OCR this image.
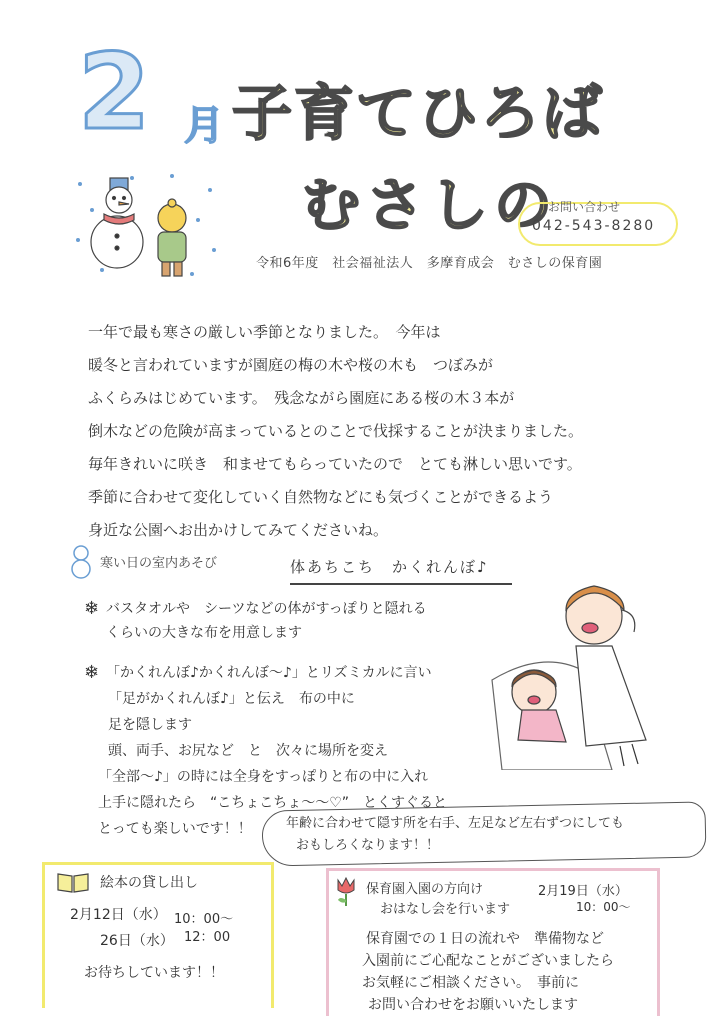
2 月 子育てひろば
むさしの
お問い合わせ
042-543-8280
令和6年度　社会福祉法人　多摩育成会　むさしの保育園

一年で最も寒さの厳しい季節となりました。　今年は

暖冬と言われていますが園庭の梅の木や桜の木も　つぼみが

ふくらみはじめています。　残念ながら園庭にある桜の木３本が

倒木などの危険が高まっているとのことで伐採することが決まりました。

毎年きれいに咲き　和ませてもらっていたので　とても淋しい思いです。

季節に合わせて変化していく自然物などにも気づくことができるよう

身近な公園へお出かけしてみてくださいね。

寒い日の室内あそび	体あちこち　かくれんぼ♪
❄ バスタオルや　シーツなどの体がすっぽりと隠れる
くらいの大きな布を用意します
❄ 「かくれんぼ♪かくれんぼ～♪」とリズミカルに言い
「足がかくれんぼ♪」と伝え　布の中に
足を隠します
頭、両手、お尻など　と　次々に場所を変え
「全部～♪」の時には全身をすっぽりと布の中に入れ
上手に隠れたら　“こちょこちょ～～♡”　とくすぐると
とっても楽しいです！！	年齢に合わせて隠す所を右手、左足など左右ずつにしても
おもしろくなります！！
絵本の貸し出し
2月12日（水） 10：00～
26日（水） 12：00
お待ちしています！！
保育園入園の方向け
おはなし会を行います
2月19日（水）
10：00～
保育園での１日の流れや　準備物など
入園前にご心配なことがございましたら
お気軽にご相談ください。　事前に
お問い合わせをお願いいたします
